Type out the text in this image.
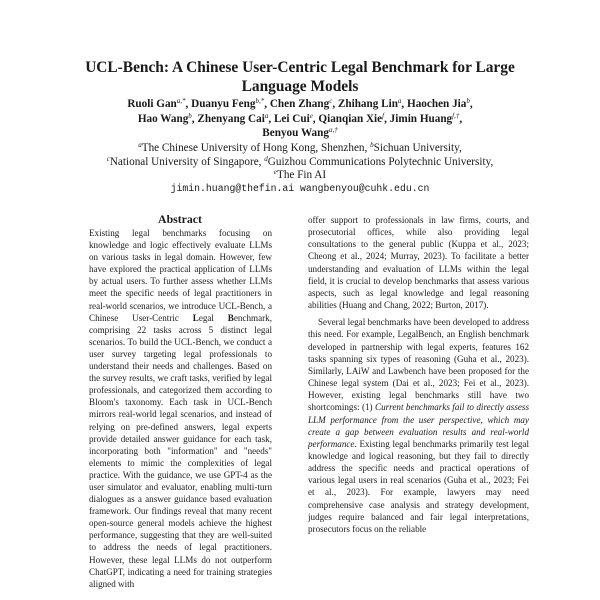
UCL-Bench: A Chinese User-Centric Legal Benchmark for Large Language Models
Ruoli Gan$^{a,*}$, Duanyu Feng$^{b,*}$, Chen Zhang$^c$, Zhihang Lin$^a$, Haochen Jia$^b$,
Hao Wang$^b$, Zhenyang Cai$^a$, Lei Cui$^e$, Qianqian Xie$^f$, Jimin Huang$^{f,\dagger}$,
Benyou Wang$^{a,\dagger}$
$^a$The Chinese University of Hong Kong, Shenzhen, $^b$Sichuan University,
$^c$National University of Singapore, $^d$Guizhou Communications Polytechnic University,
$^e$The Fin AI
jimin.huang@thefin.ai wangbenyou@cuhk.edu.cn
Abstract
Existing legal benchmarks focusing on knowledge and logic effectively evaluate LLMs on various tasks in legal domain. However, few have explored the practical application of LLMs by actual users. To further assess whether LLMs meet the specific needs of legal practitioners in real-world scenarios, we introduce UCL-Bench, a Chinese User-Centric Legal Benchmark, comprising 22 tasks across 5 distinct legal scenarios. To build the UCL-Bench, we conduct a user survey targeting legal professionals to understand their needs and challenges. Based on the survey results, we craft tasks, verified by legal professionals, and categorized them according to Bloom's taxonomy. Each task in UCL-Bench mirrors real-world legal scenarios, and instead of relying on pre-defined answers, legal experts provide detailed answer guidance for each task, incorporating both "information" and "needs" elements to mimic the complexities of legal practice. With the guidance, we use GPT-4 as the user simulator and evaluator, enabling multi-turn dialogues as a answer guidance based evaluation framework. Our findings reveal that many recent open-source general models achieve the highest performance, suggesting that they are well-suited to address the needs of legal practitioners. However, these legal LLMs do not outperform ChatGPT, indicating a need for training strategies aligned with

offer support to professionals in law firms, courts, and prosecutorial offices, while also providing legal consultations to the general public (Kuppa et al., 2023; Cheong et al., 2024; Murray, 2023). To facilitate a better understanding and evaluation of LLMs within the legal field, it is crucial to develop benchmarks that assess various aspects, such as legal knowledge and legal reasoning abilities (Huang and Chang, 2022; Burton, 2017).

Several legal benchmarks have been developed to address this need. For example, LegalBench, an English benchmark developed in partnership with legal experts, features 162 tasks spanning six types of reasoning (Guha et al., 2023). Similarly, LAiW and Lawbench have been proposed for the Chinese legal system (Dai et al., 2023; Fei et al., 2023). However, existing legal benchmarks still have two shortcomings: (1) Current benchmarks fail to directly assess LLM performance from the user perspective, which may create a gap between evaluation results and real-world performance. Existing legal benchmarks primarily test legal knowledge and logical reasoning, but they fail to directly address the specific needs and practical operations of various legal users in real scenarios (Guha et al., 2023; Fei et al., 2023). For example, lawyers may need comprehensive case analysis and strategy development, judges require balanced and fair legal interpretations, prosecutors focus on the reliable
